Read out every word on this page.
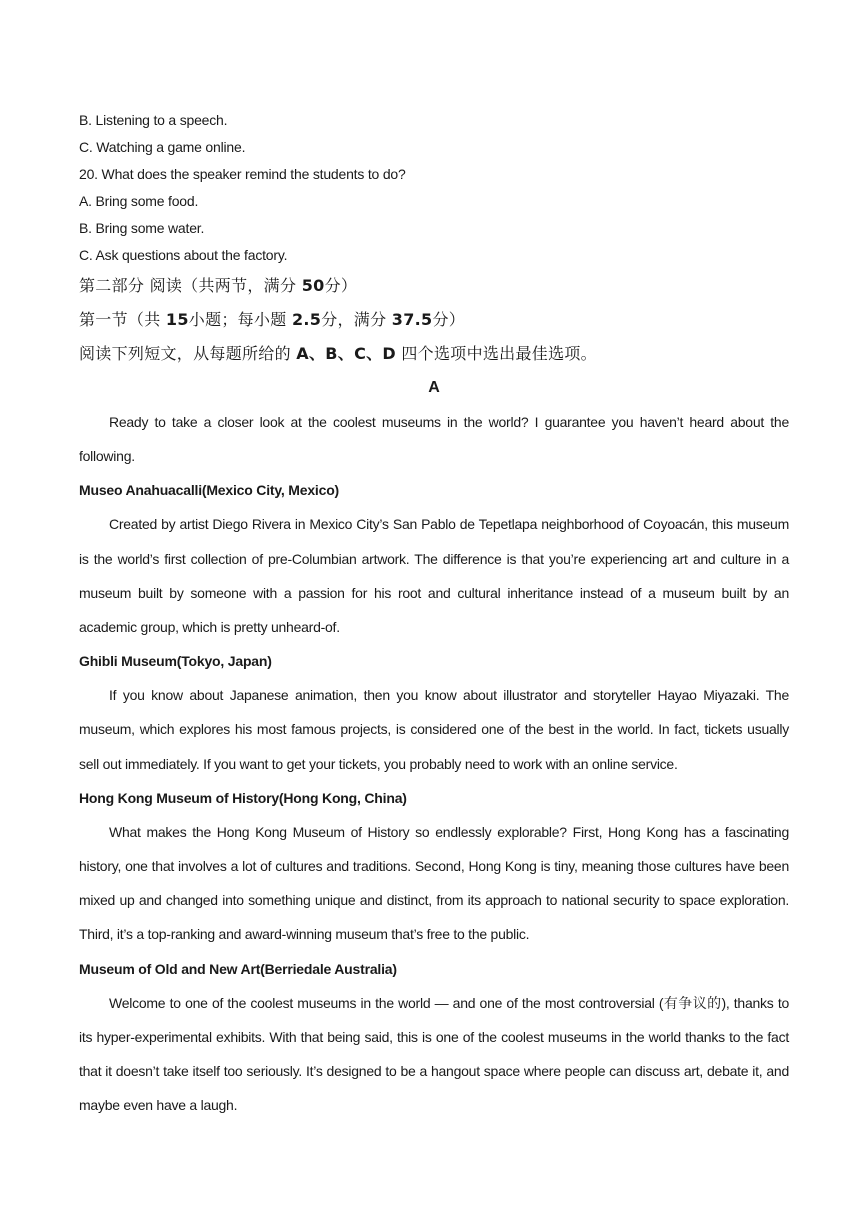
B. Listening to a speech.
C. Watching a game online.
20. What does the speaker remind the students to do?
A. Bring some food.
B. Bring some water.
C. Ask questions about the factory.
第二部分 阅读（共两节，满分 50分）
第一节（共 15小题；每小题 2.5分，满分 37.5分）
阅读下列短文，从每题所给的 A、B、C、D 四个选项中选出最佳选项。
A

Ready to take a closer look at the coolest museums in the world? I guarantee you haven’t heard about the following.

Museo Anahuacalli(Mexico City, Mexico)

Created by artist Diego Rivera in Mexico City’s San Pablo de Tepetlapa neighborhood of Coyoacán, this museum is the world’s first collection of pre-Columbian artwork. The difference is that you’re experiencing art and culture in a museum built by someone with a passion for his root and cultural inheritance instead of a museum built by an academic group, which is pretty unheard-of.

Ghibli Museum(Tokyo, Japan)

If you know about Japanese animation, then you know about illustrator and storyteller Hayao Miyazaki. The museum, which explores his most famous projects, is considered one of the best in the world. In fact, tickets usually sell out immediately. If you want to get your tickets, you probably need to work with an online service.

Hong Kong Museum of History(Hong Kong, China)

What makes the Hong Kong Museum of History so endlessly explorable? First, Hong Kong has a fascinating history, one that involves a lot of cultures and traditions. Second, Hong Kong is tiny, meaning those cultures have been mixed up and changed into something unique and distinct, from its approach to national security to space exploration. Third, it’s a top-ranking and award-winning museum that’s free to the public.

Museum of Old and New Art(Berriedale Australia)

Welcome to one of the coolest museums in the world — and one of the most controversial (有争议的), thanks to its hyper-experimental exhibits. With that being said, this is one of the coolest museums in the world thanks to the fact that it doesn’t take itself too seriously. It’s designed to be a hangout space where people can discuss art, debate it, and maybe even have a laugh.
